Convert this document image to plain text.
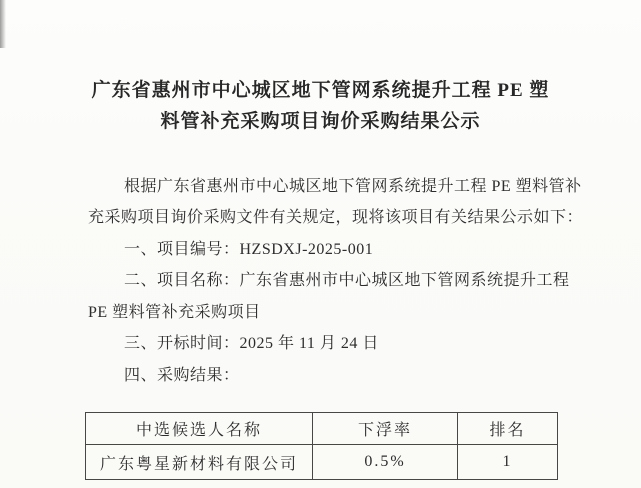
广东省惠州市中心城区地下管网系统提升工程 PE 塑
料管补充采购项目询价采购结果公示
根据广东省惠州市中心城区地下管网系统提升工程 PE 塑料管补
充采购项目询价采购文件有关规定，现将该项目有关结果公示如下：
一、项目编号：HZSDXJ-2025-001
二、项目名称：广东省惠州市中心城区地下管网系统提升工程
PE 塑料管补充采购项目
三、开标时间：2025 年 11 月 24 日
四、采购结果：
中选候选人名称	下浮率	排名
广东粤星新材料有限公司	0.5%	1
